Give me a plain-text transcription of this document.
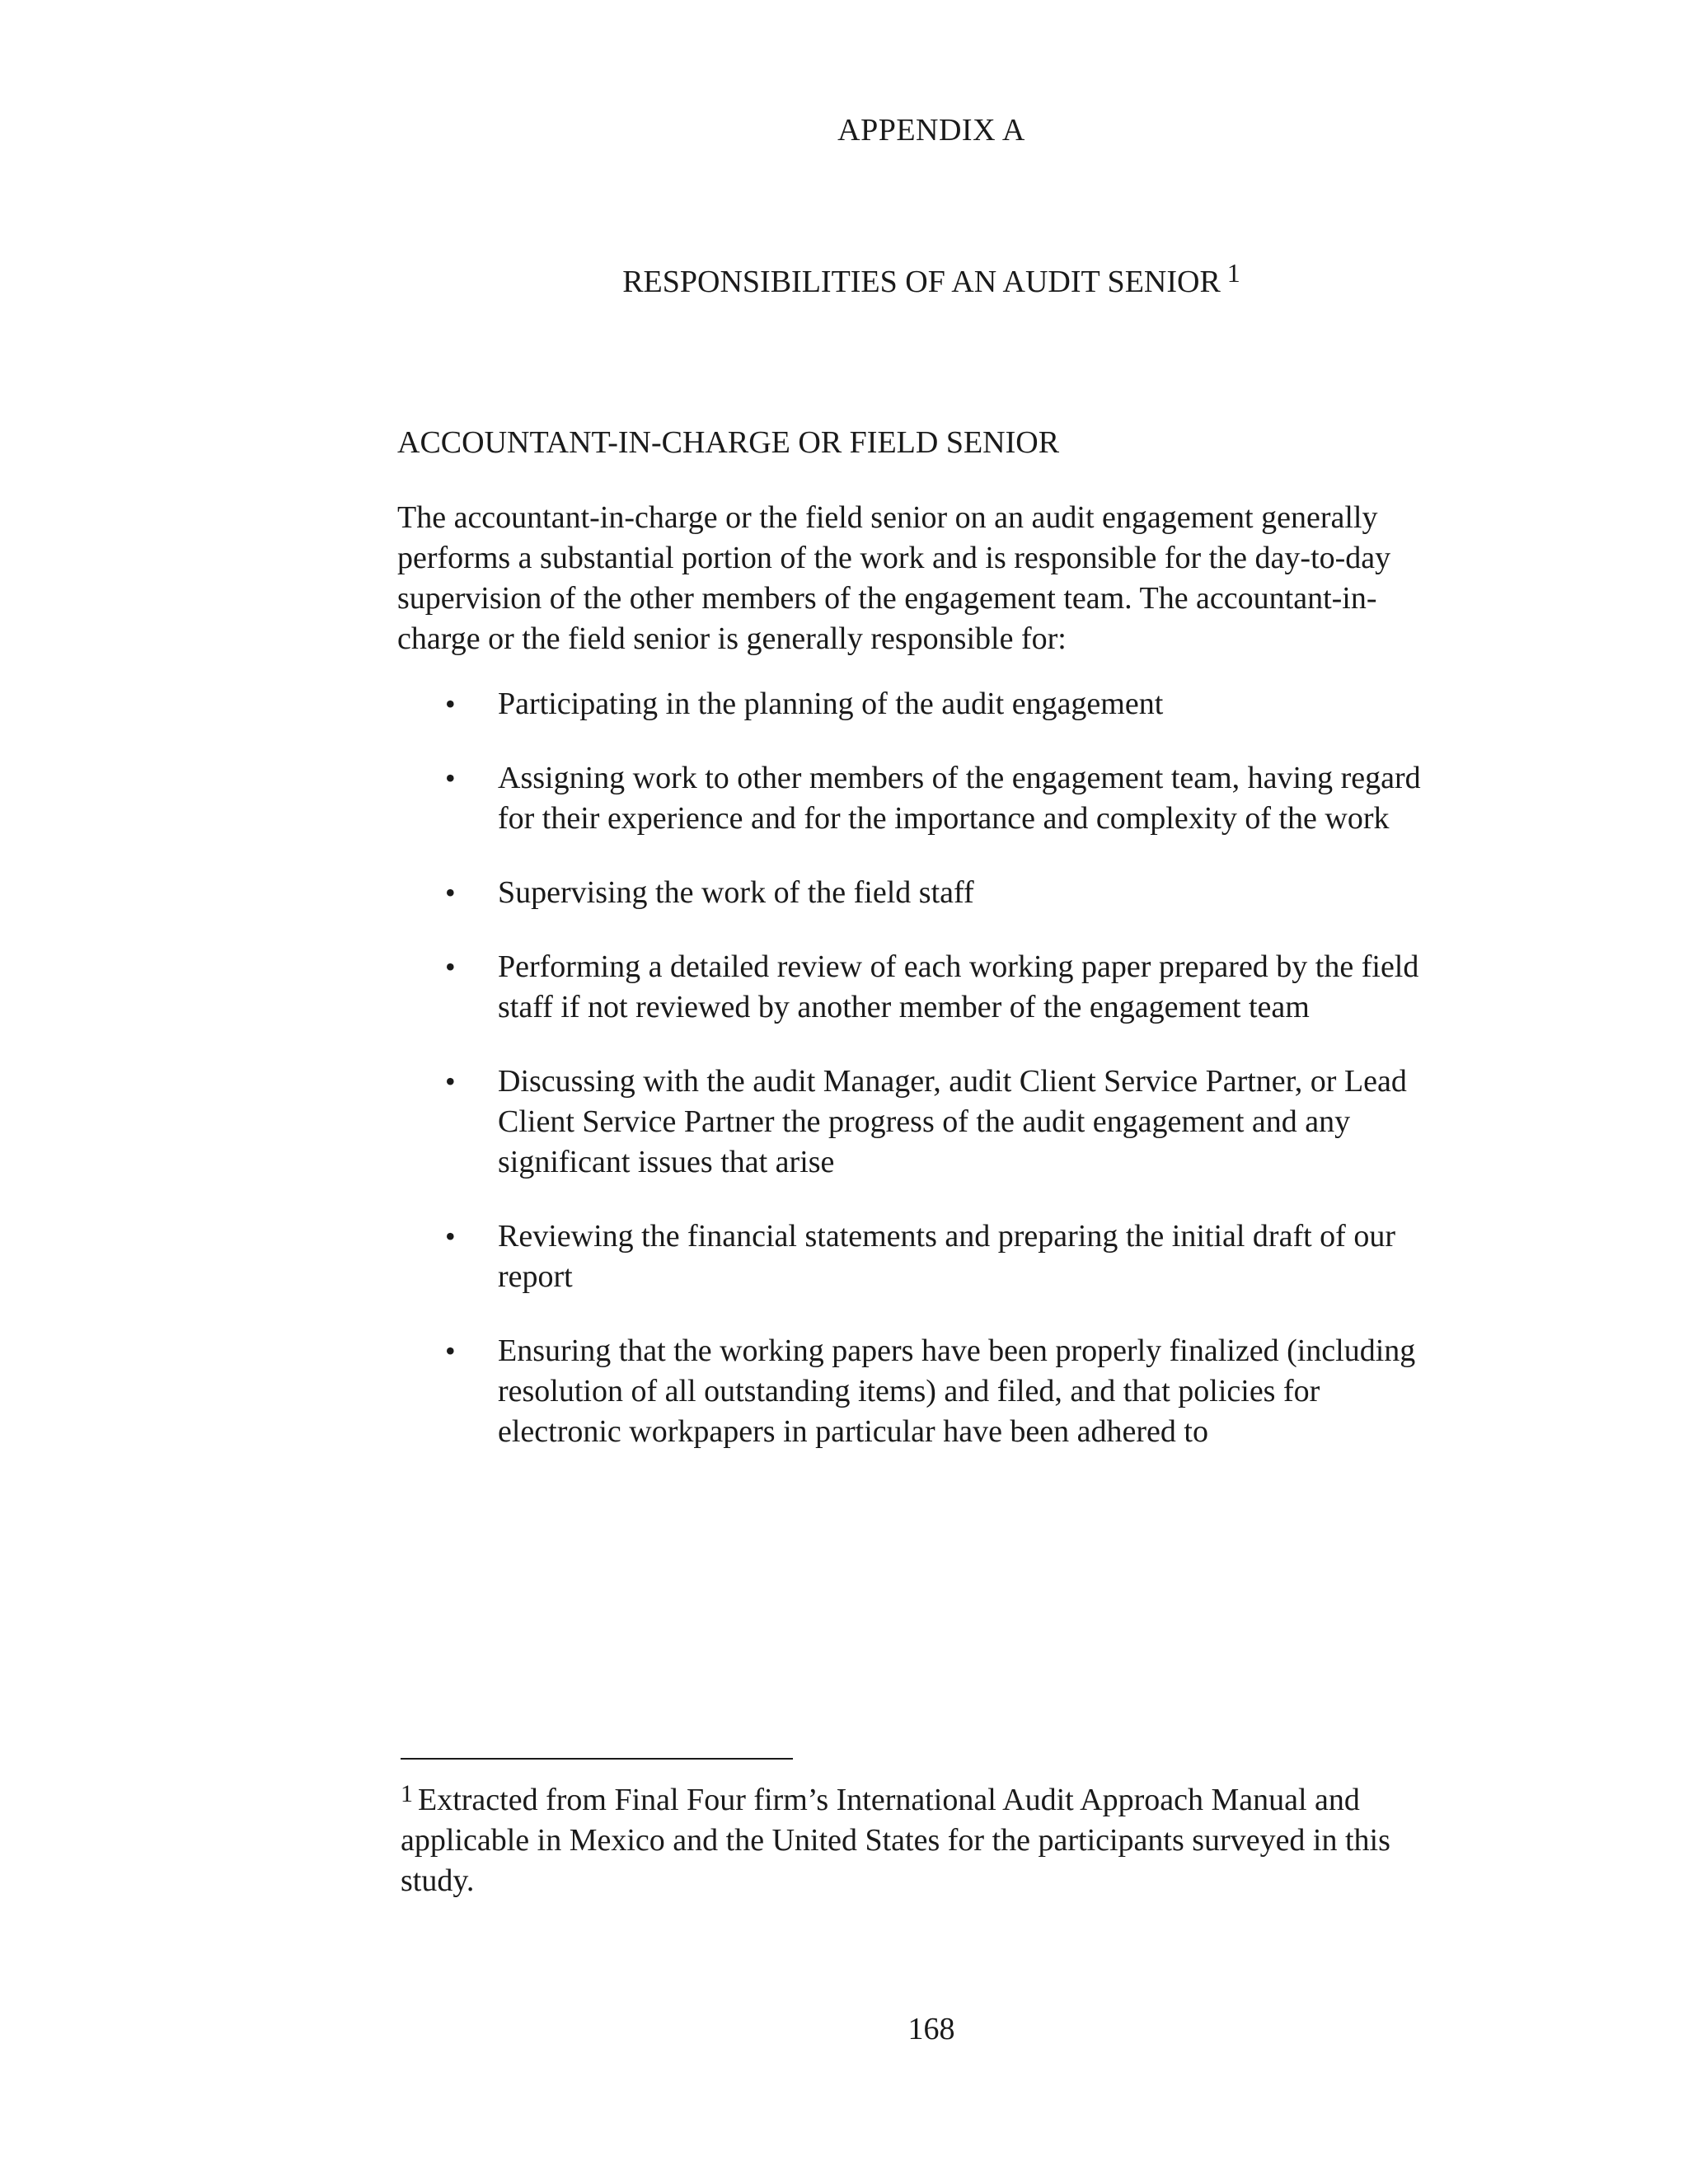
APPENDIX A
RESPONSIBILITIES OF AN AUDIT SENIOR $^1$
ACCOUNTANT-IN-CHARGE OR FIELD SENIOR

The accountant-in-charge or the field senior on an audit engagement generally
performs a substantial portion of the work and is responsible for the day-to-day
supervision of the other members of the engagement team. The accountant-in-
charge or the field senior is generally responsible for:

• Participating in the planning of the audit engagement
• Assigning work to other members of the engagement team, having regard
for their experience and for the importance and complexity of the work
• Supervising the work of the field staff
• Performing a detailed review of each working paper prepared by the field
staff if not reviewed by another member of the engagement team
• Discussing with the audit Manager, audit Client Service Partner, or Lead
Client Service Partner the progress of the audit engagement and any
significant issues that arise
• Reviewing the financial statements and preparing the initial draft of our
report
• Ensuring that the working papers have been properly finalized (including
resolution of all outstanding items) and filed, and that policies for
electronic workpapers in particular have been adhered to

$^1$ Extracted from Final Four firm’s International Audit Approach Manual and
applicable in Mexico and the United States for the participants surveyed in this
study.

168
